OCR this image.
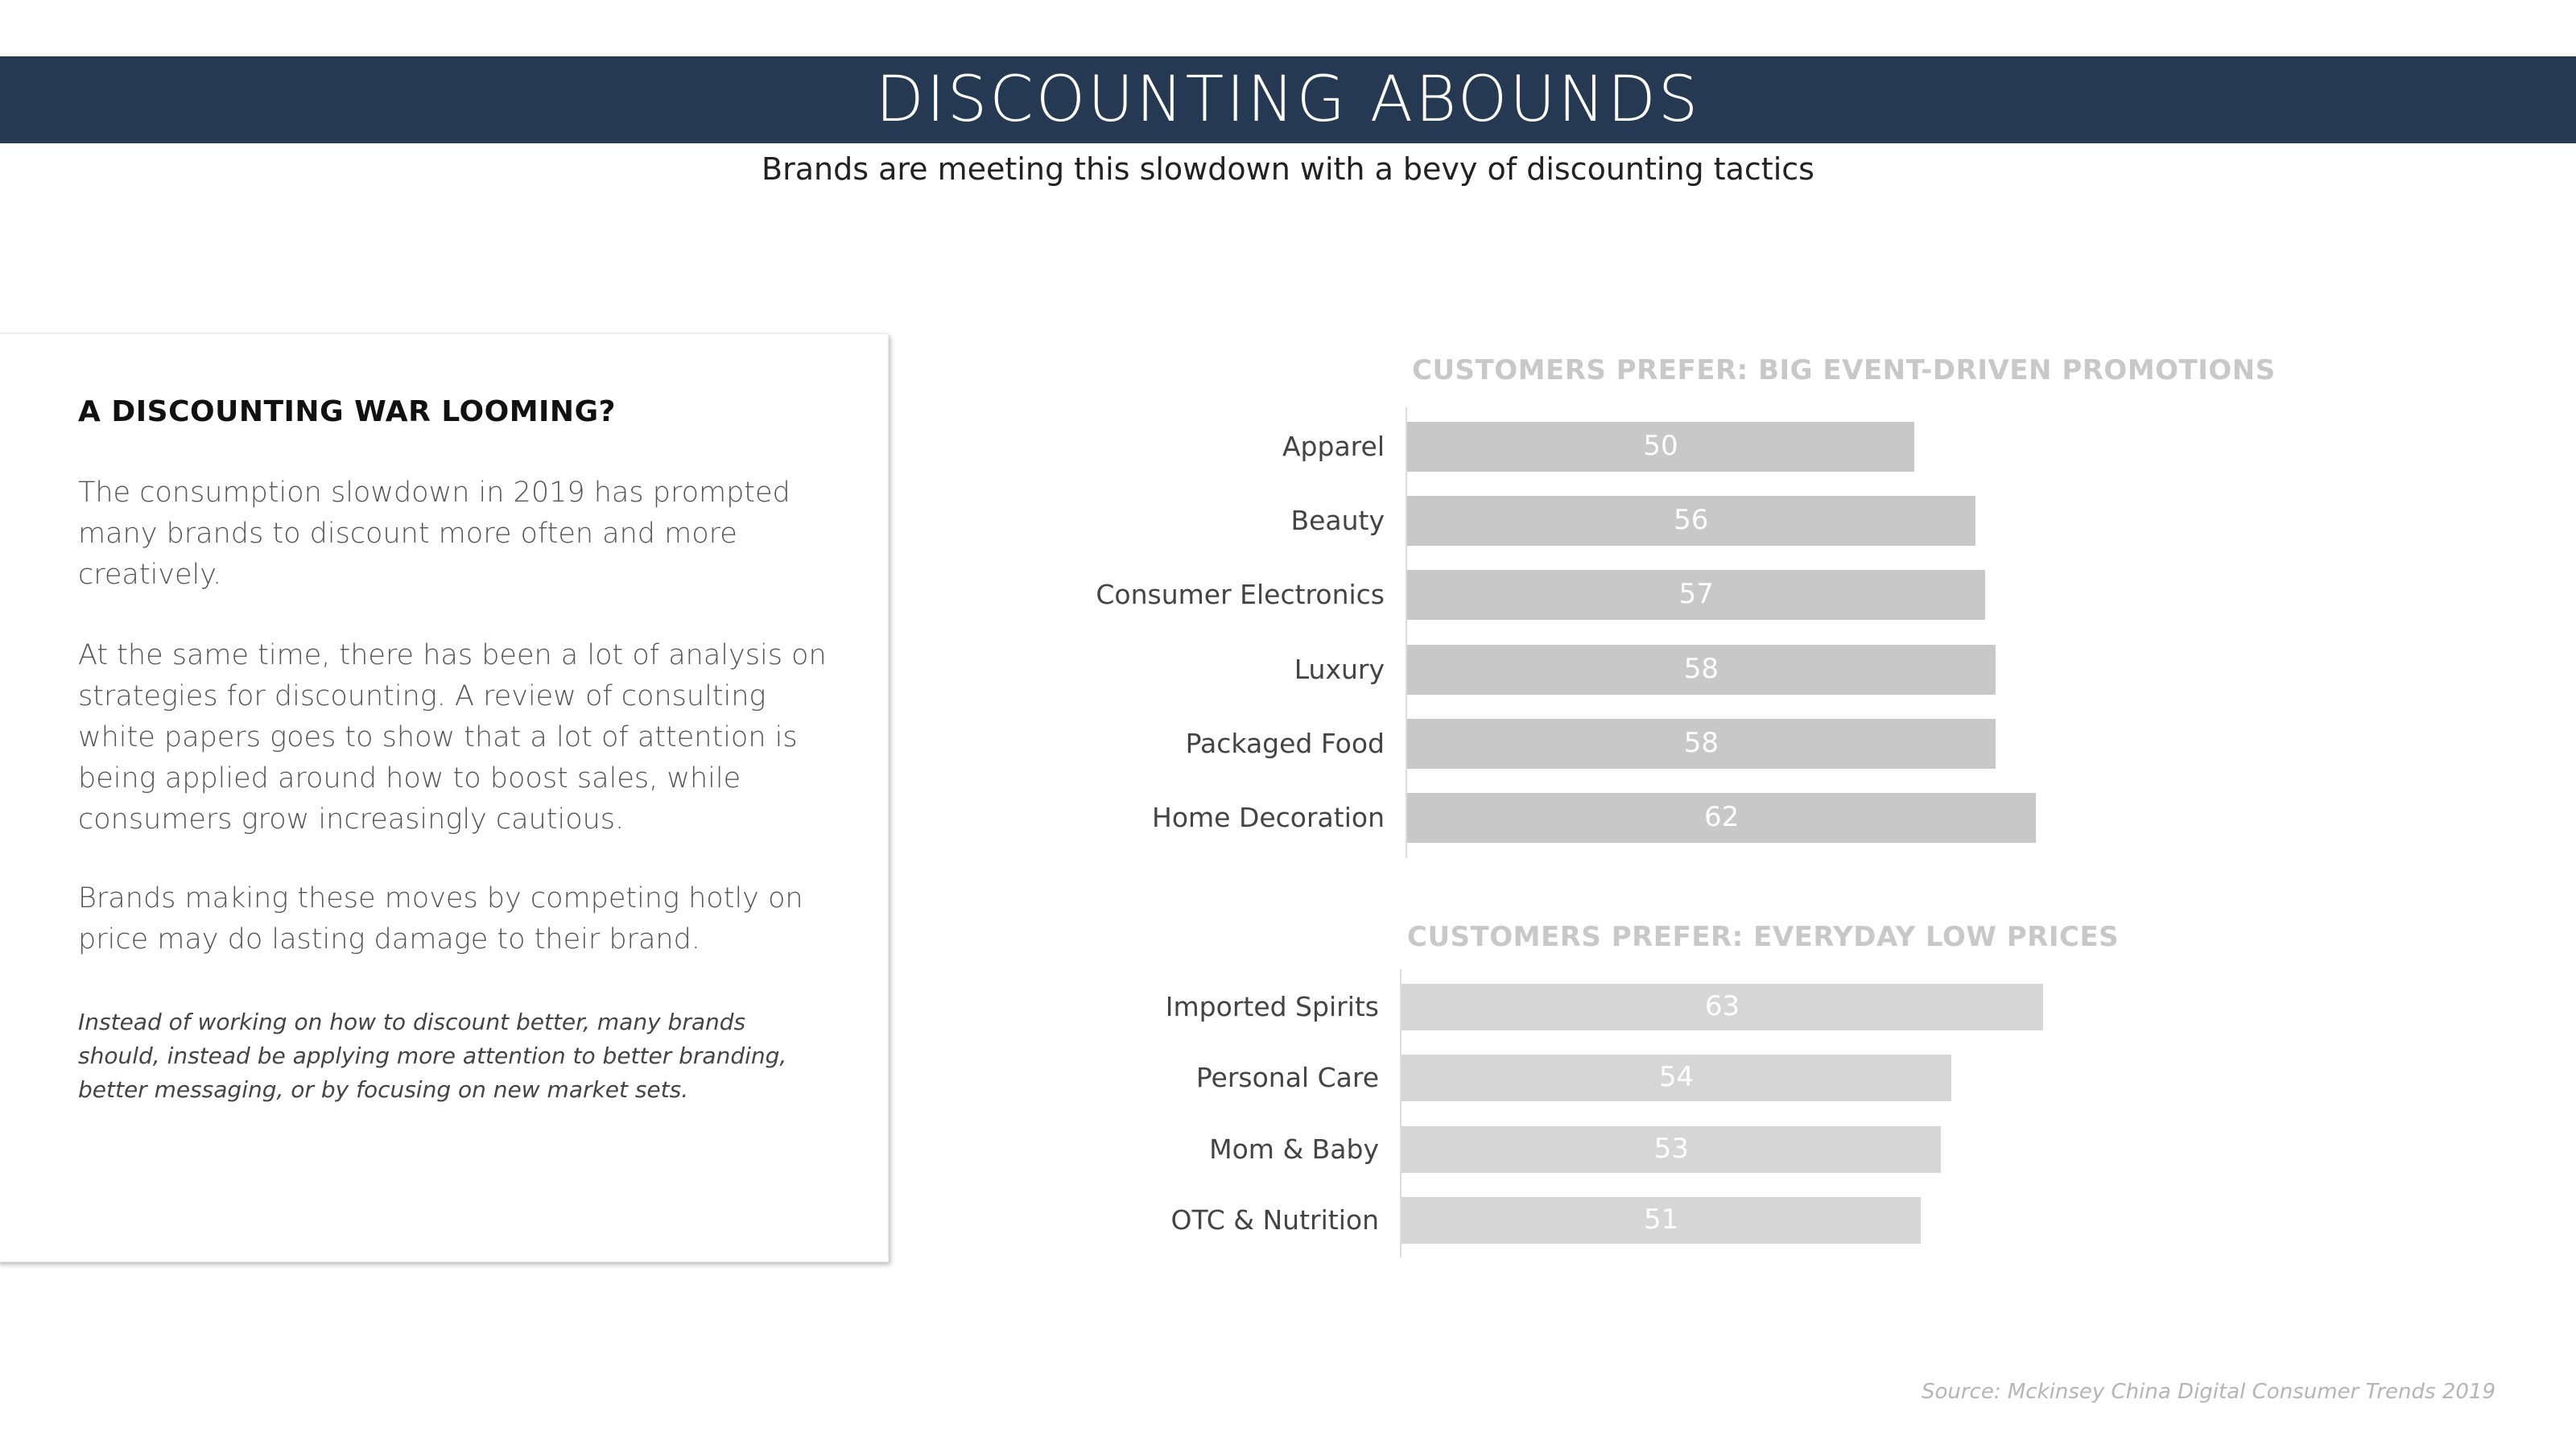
DISCOUNTING ABOUNDS
Brands are meeting this slowdown with a bevy of discounting tactics
A DISCOUNTING WAR LOOMING?

The consumption slowdown in 2019 has prompted many brands to discount more often and more creatively.

At the same time, there has been a lot of analysis on strategies for discounting. A review of consulting white papers goes to show that a lot of attention is being applied around how to boost sales, while consumers grow increasingly cautious.

Brands making these moves by competing hotly on price may do lasting damage to their brand.

Instead of working on how to discount better, many brands should, instead be applying more attention to better branding, better messaging, or by focusing on new market sets.

CUSTOMERS PREFER: BIG EVENT-DRIVEN PROMOTIONS
CUSTOMERS PREFER: EVERYDAY LOW PRICES
Apparel	50
Beauty	56
Consumer Electronics	57
Luxury	58
Packaged Food	58
Home Decoration	62
Imported Spirits	63
Personal Care	54
Mom & Baby	53
OTC & Nutrition	51
Source: Mckinsey China Digital Consumer Trends 2019
